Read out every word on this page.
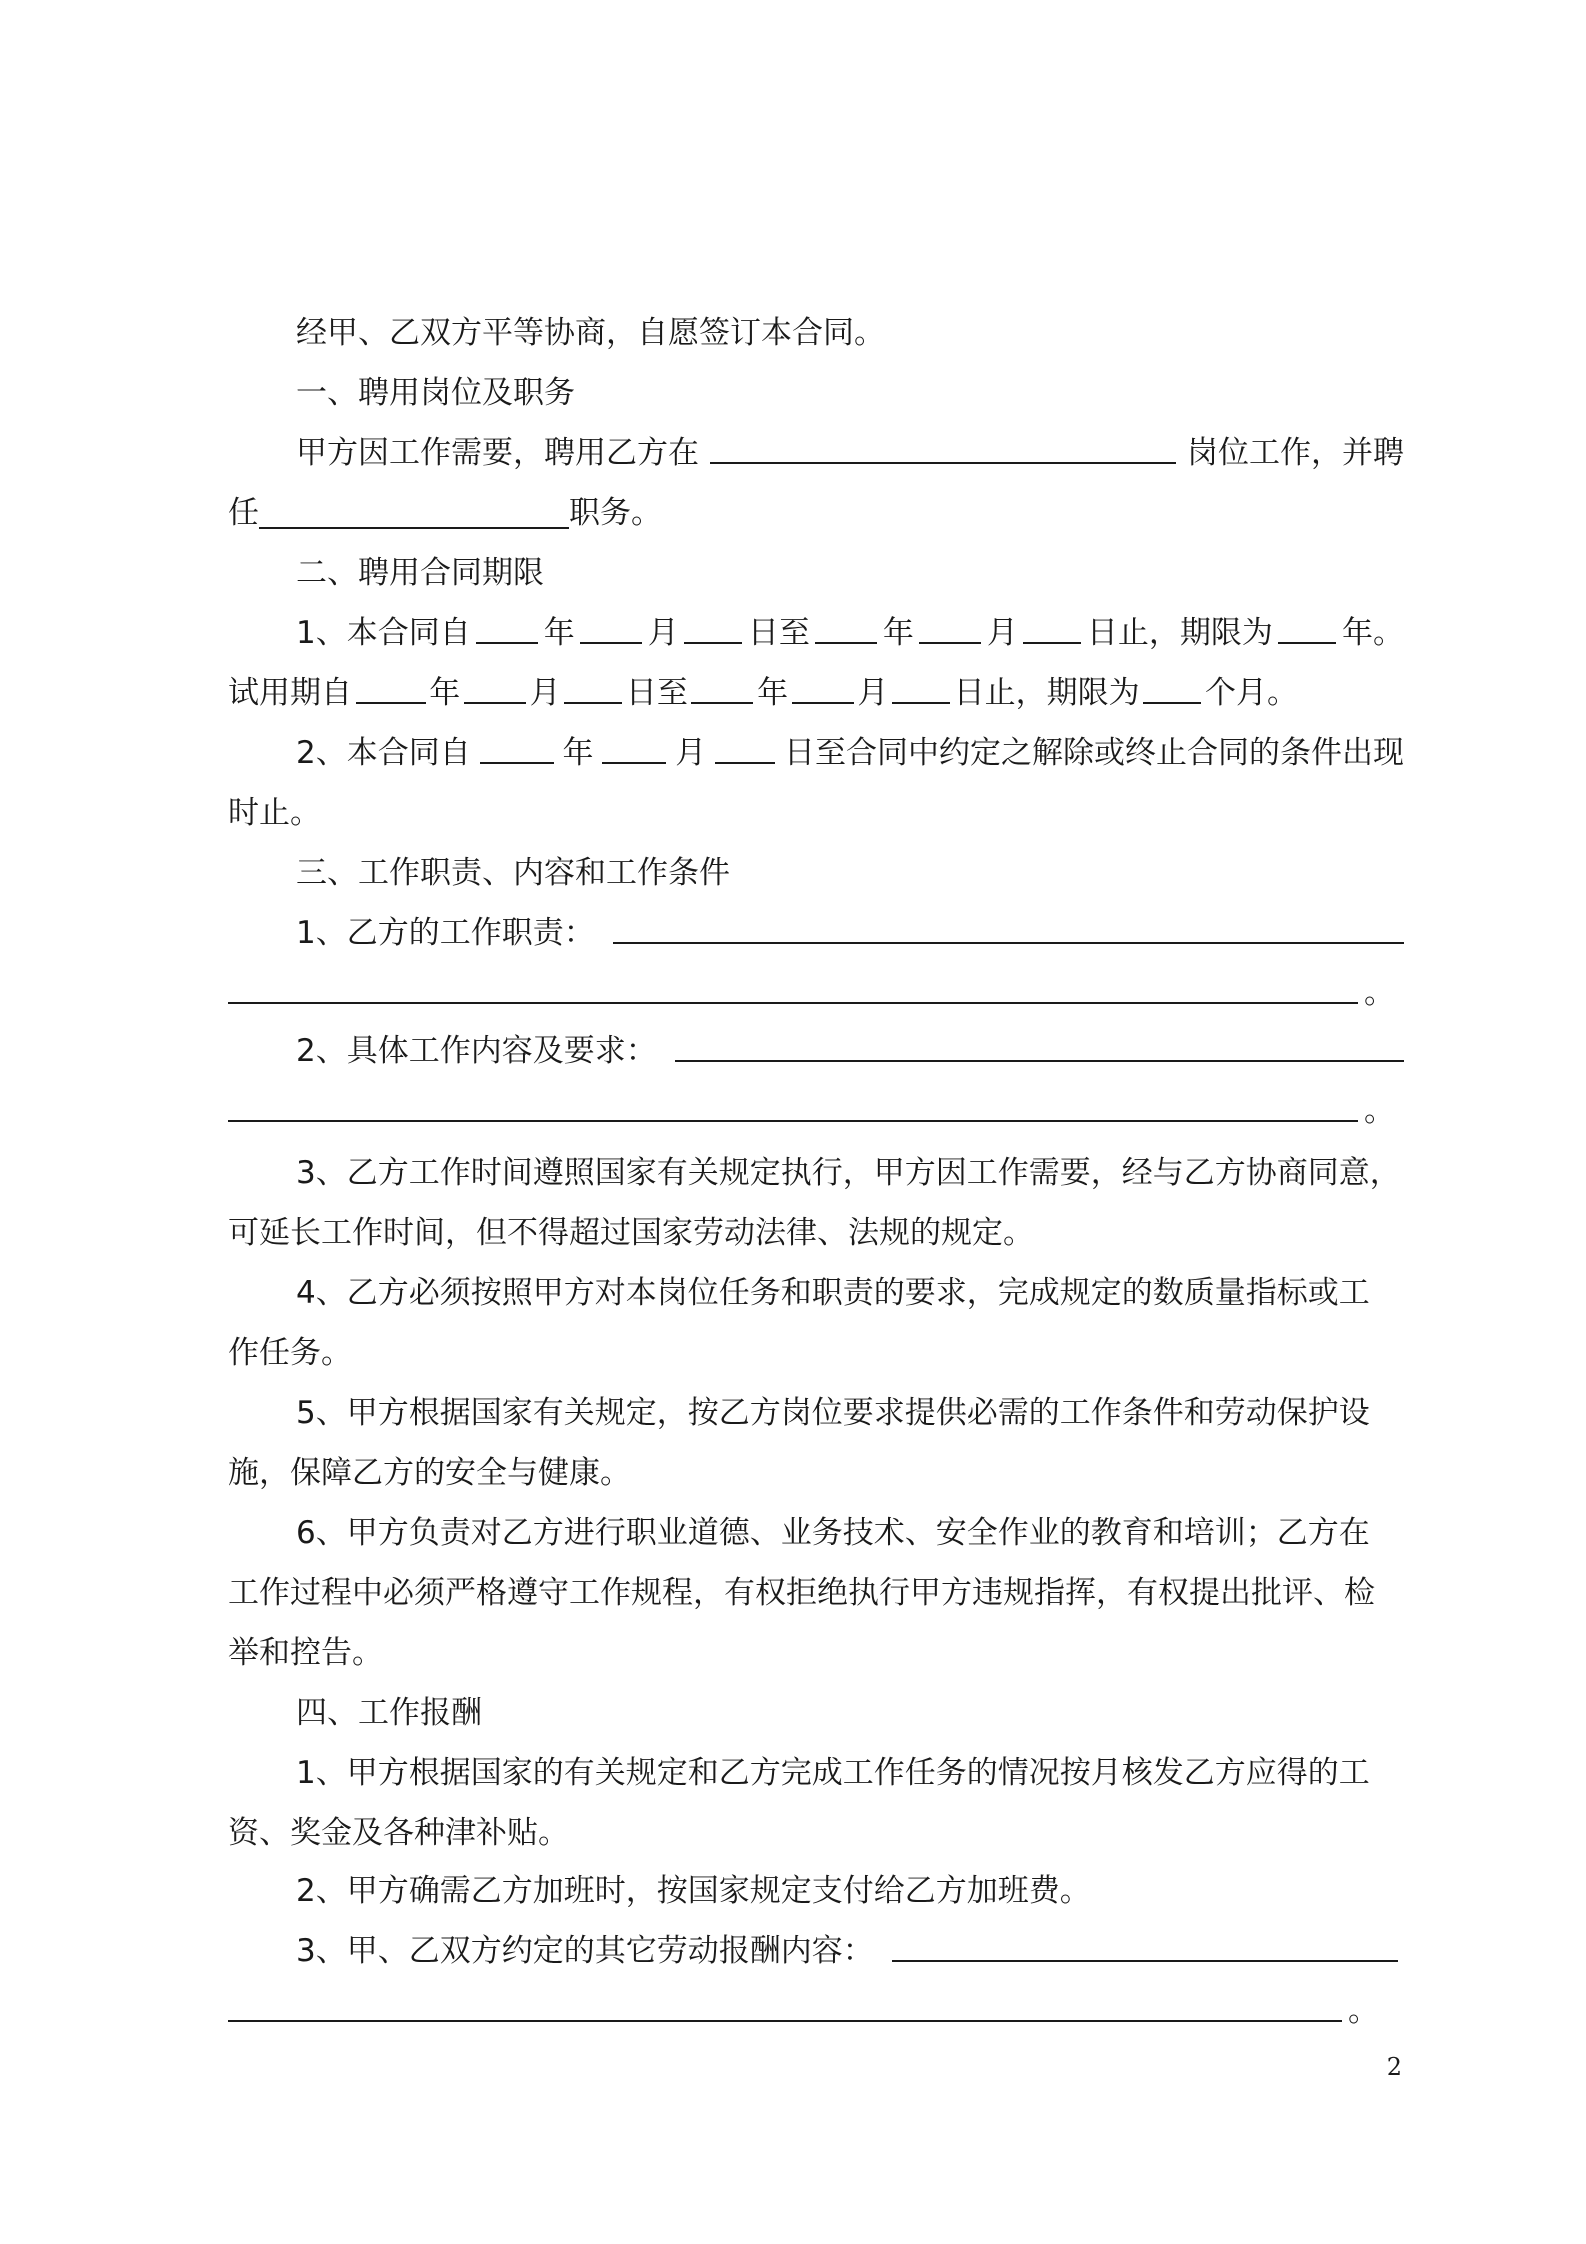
经甲、乙双方平等协商，自愿签订本合同。
一、聘用岗位及职务
甲方因工作需要，聘用乙方在	岗位工作，并聘
任	职务。
二、聘用合同期限
1、本合同自 年 月 日至 年 月 日止，期限为 年。
试用期自 年 月 日至 年 月 日止，期限为 个月。
2、本合同自	年	月	日至合同中约定之解除或终止合同的条件出现
时止。
三、工作职责、内容和工作条件
1、乙方的工作职责：
。
2、具体工作内容及要求：
。
3、乙方工作时间遵照国家有关规定执行，甲方因工作需要，经与乙方协商同意，
可延长工作时间，但不得超过国家劳动法律、法规的规定。
4、乙方必须按照甲方对本岗位任务和职责的要求，完成规定的数质量指标或工
作任务。
5、甲方根据国家有关规定，按乙方岗位要求提供必需的工作条件和劳动保护设
施，保障乙方的安全与健康。
6、甲方负责对乙方进行职业道德、业务技术、安全作业的教育和培训；乙方在
工作过程中必须严格遵守工作规程，有权拒绝执行甲方违规指挥，有权提出批评、检
举和控告。
四、工作报酬
1、甲方根据国家的有关规定和乙方完成工作任务的情况按月核发乙方应得的工
资、奖金及各种津补贴。
2、甲方确需乙方加班时，按国家规定支付给乙方加班费。
3、甲、乙双方约定的其它劳动报酬内容：
。
2
